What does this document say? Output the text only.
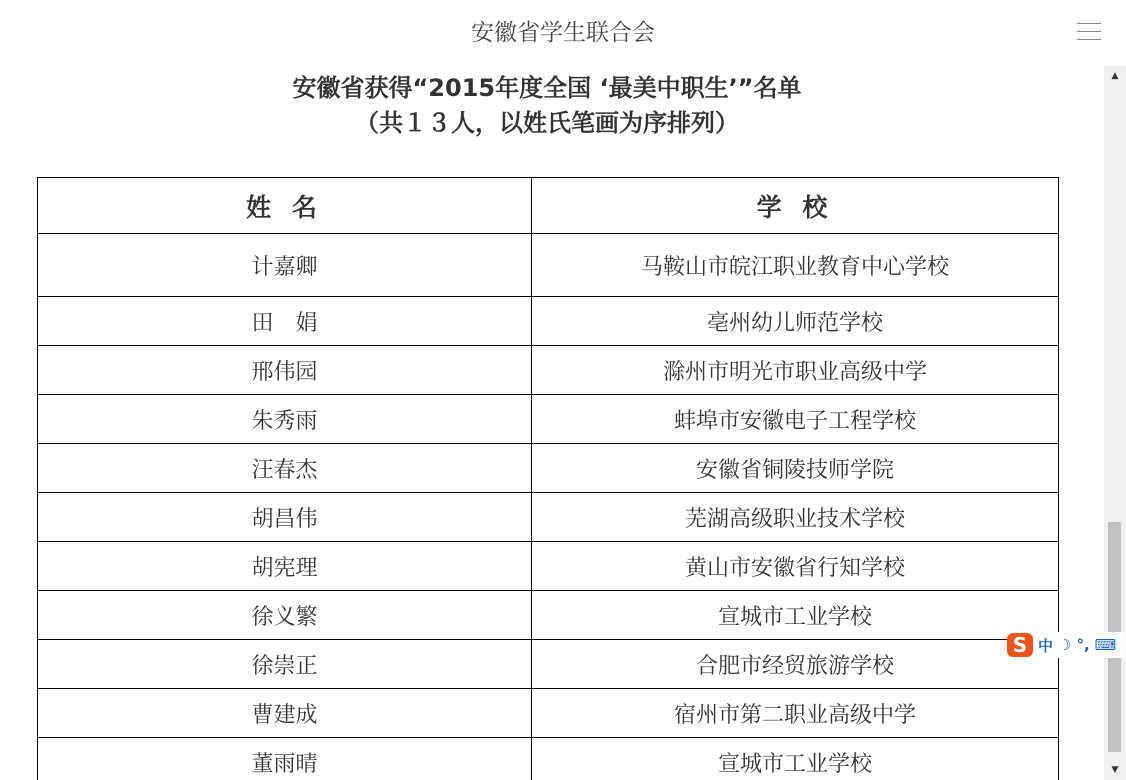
安徽省学生联合会
安徽省获得“2015年度全国 ‘最美中职生’”名单
（共１３人，以姓氏笔画为序排列）
姓 名	学 校
计嘉卿	马鞍山市皖江职业教育中心学校
田　娟	亳州幼儿师范学校
邢伟园	滁州市明光市职业高级中学
朱秀雨	蚌埠市安徽电子工程学校
汪春杰	安徽省铜陵技师学院
胡昌伟	芜湖高级职业技术学校
胡宪理	黄山市安徽省行知学校
徐义繁	宣城市工业学校
徐崇正	合肥市经贸旅游学校
曹建成	宿州市第二职业高级中学
董雨晴	宣城市工业学校
▲
▼
S 中 ☽ °, ⌨
